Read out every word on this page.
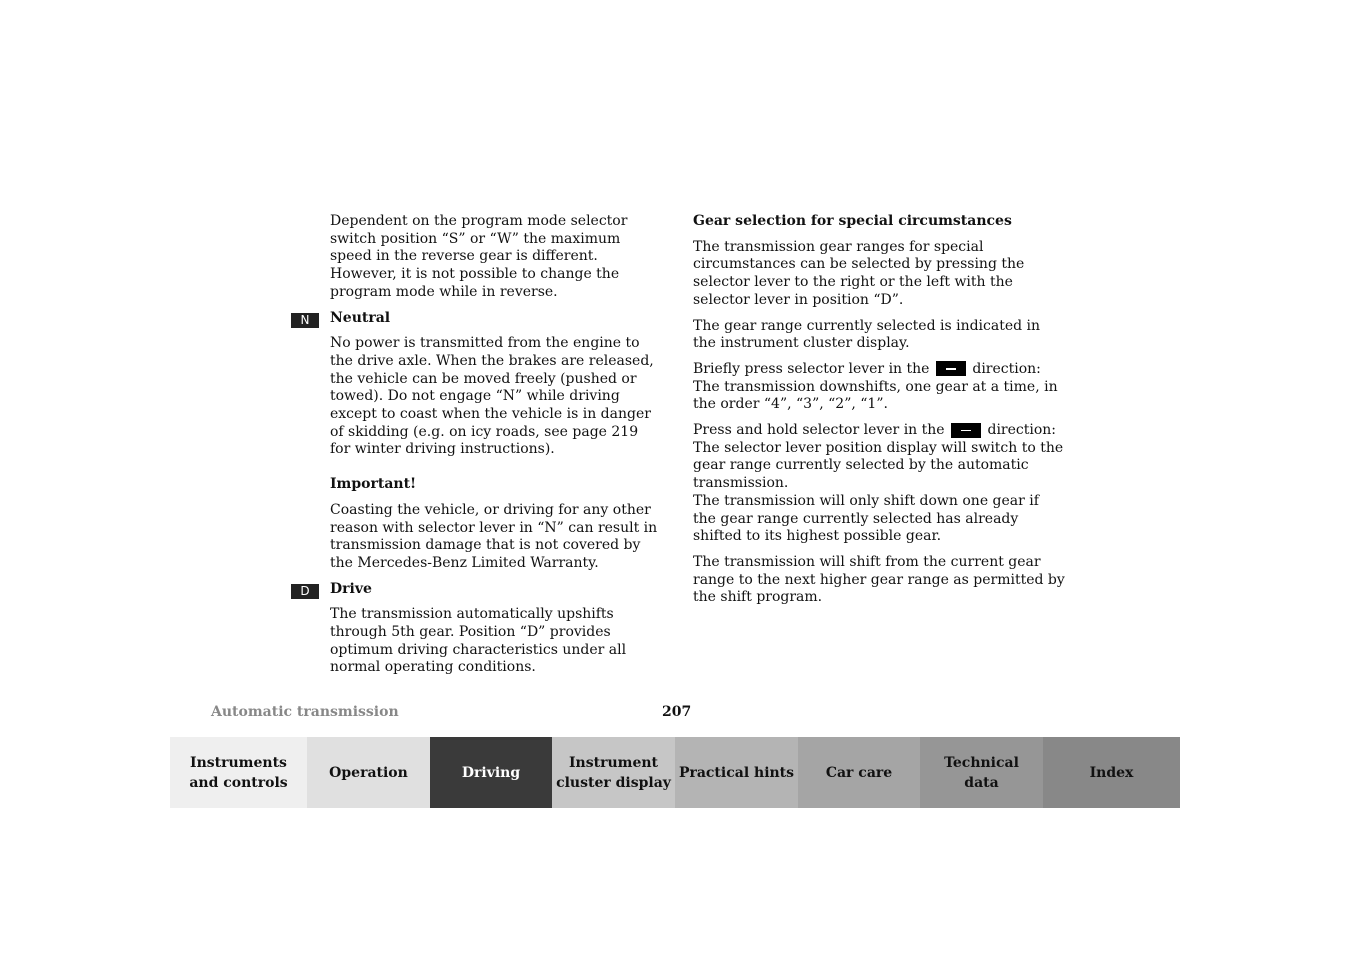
Dependent on the program mode selector switch position “S” or “W” the maximum speed in the reverse gear is different. However, it is not possible to change the program mode while in reverse.

N	Neutral

No power is transmitted from the engine to the drive axle. When the brakes are released, the vehicle can be moved freely (pushed or towed). Do not engage “N” while driving except to coast when the vehicle is in danger of skidding (e.g. on icy roads, see page 219 for winter driving instructions).

Important!

Coasting the vehicle, or driving for any other reason with selector lever in “N” can result in transmission damage that is not covered by the Mercedes-Benz Limited Warranty.

D	Drive

The transmission automatically upshifts through 5th gear. Position “D” provides optimum driving characteristics under all normal operating conditions.

Gear selection for special circumstances

The transmission gear ranges for special circumstances can be selected by pressing the selector lever to the right or the left with the selector lever in position “D”.

The gear range currently selected is indicated in the instrument cluster display.

Briefly press selector lever in the	direction:
The transmission downshifts, one gear at a time, in the order “4”, “3”, “2”, “1”.

Press and hold selector lever in the	direction:
The selector lever position display will switch to the gear range currently selected by the automatic transmission.
The transmission will only shift down one gear if the gear range currently selected has already shifted to its highest possible gear.

The transmission will shift from the current gear range to the next higher gear range as permitted by the shift program.

Automatic transmission	207
Instruments
and controls
Operation	Driving
Instrument
cluster display
Practical hints	Car care
Technical
data
Index
